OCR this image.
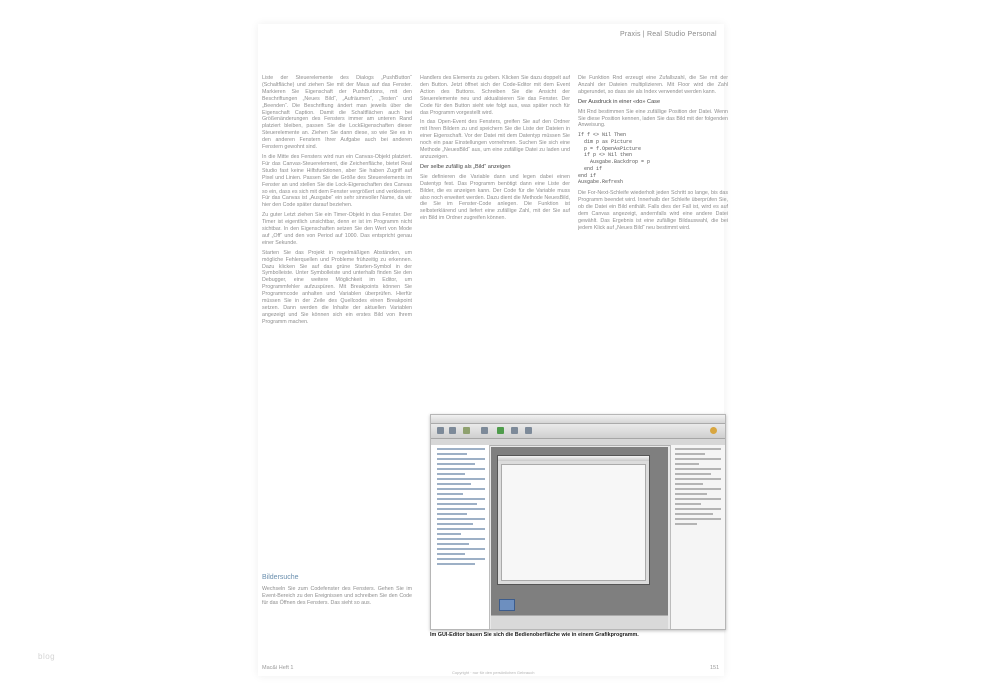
Praxis | Real Studio Personal

Liste der Steuerelemente des Dialogs „PushButton“ (Schaltfläche) und ziehen Sie mit der Maus auf das Fenster. Markieren Sie Eigenschaft der PushButtons, mit den Beschriftungen „Neues Bild“, „Aufräumen“, „Testen“ und „Beenden“. Die Beschriftung ändert man jeweils über die Eigenschaft Caption. Damit die Schaltflächen auch bei Größenänderungen des Fensters immer am unteren Rand platziert bleiben, passen Sie die LockEigenschaften dieser Steuerelemente an. Ziehen Sie dann diese, so wie Sie es in den anderen Fenstern Ihrer Aufgabe auch bei anderen Fenstern gewohnt sind.

In die Mitte des Fensters wird nun ein Canvas-Objekt platziert. Für das Canvas-Steuerelement, die Zeichenfläche, bietet Real Studio fast keine Hilfsfunktionen, aber Sie haben Zugriff auf Pixel und Linien. Passen Sie die Größe des Steuerelements im Fenster an und stellen Sie die Lock-Eigenschaften des Canvas so ein, dass es sich mit dem Fenster vergrößert und verkleinert. Für das Canvas ist „Ausgabe“ ein sehr sinnvoller Name, da wir hier den Code später darauf beziehen.

Zu guter Letzt ziehen Sie ein Timer-Objekt in das Fenster. Der Timer ist eigentlich unsichtbar, denn er ist im Programm nicht sichtbar. In den Eigenschaften setzen Sie den Wert von Mode auf „Off“ und den von Period auf 1000. Das entspricht genau einer Sekunde.

Starten Sie das Projekt in regelmäßigen Abständen, um mögliche Fehlerquellen und Probleme frühzeitig zu erkennen. Dazu klicken Sie auf das grüne Starten-Symbol in der Symbolleiste. Unter Symbolleiste und unterhalb finden Sie den Debugger, eine weitere Möglichkeit im Editor, um Programmfehler aufzuspüren. Mit Breakpoints können Sie Programmcode anhalten und Variablen überprüfen. Hierfür müssen Sie in der Zeile des Quellcodes einen Breakpoint setzen. Dann werden die Inhalte der aktuellen Variablen angezeigt und Sie können sich ein erstes Bild von Ihrem Programm machen.

Bildersuche

Wechseln Sie zum Codefenster des Fensters. Gehen Sie im Event-Bereich zu den Ereignissen und schreiben Sie den Code für das Öffnen des Fensters. Das sieht so aus.

Handlers des Elements zu geben. Klicken Sie dazu doppelt auf den Button. Jetzt öffnet sich der Code-Editor mit dem Event Action des Buttons. Schreiben Sie die Ansicht der Steuerelemente neu und aktualisieren Sie das Fenster. Der Code für den Button sieht wie folgt aus, was später noch für das Programm vorgestellt wird.

In das Open-Event des Fensters, greifen Sie auf den Ordner mit Ihren Bildern zu und speichern Sie die Liste der Dateien in einer Eigenschaft. Vor der Datei mit dem Datentyp müssen Sie noch ein paar Einstellungen vornehmen. Suchen Sie sich eine Methode „NeuesBild“ aus, um eine zufällige Datei zu laden und anzuzeigen.

Der selbe zufällig als „Bild“ anzeigen

Sie definieren die Variable dann und legen dabei einen Datentyp fest. Das Programm benötigt dann eine Liste der Bilder, die es anzeigen kann. Der Code für die Variable muss also noch erweitert werden. Dazu dient die Methode NeuesBild, die Sie im Fenster-Code anlegen. Die Funktion ist selbsterklärend und liefert eine zufällige Zahl, mit der Sie auf ein Bild im Ordner zugreifen können.

Die Funktion Rnd erzeugt eine Zufallszahl, die Sie mit der Anzahl der Dateien multiplizieren. Mit Floor wird die Zahl abgerundet, so dass sie als Index verwendet werden kann.

Der Ausdruck in einer «do» Case

Mit Rnd bestimmen Sie eine zufällige Position der Datei. Wenn Sie diese Position kennen, laden Sie das Bild mit der folgenden Anweisung.

If f <> Nil Then
dim p as Picture
p = f.OpenAsPicture
if p <> Nil then
Ausgabe.Backdrop = p
end if
end if
Ausgabe.Refresh

Die For-Next-Schleife wiederholt jeden Schritt so lange, bis das Programm beendet wird. Innerhalb der Schleife überprüfen Sie, ob die Datei ein Bild enthält. Falls dies der Fall ist, wird es auf dem Canvas angezeigt, andernfalls wird eine andere Datei gewählt. Das Ergebnis ist eine zufällige Bildauswahl, die bei jedem Klick auf „Neues Bild“ neu bestimmt wird.

Im GUI-Editor bauen Sie sich die Bedienoberfläche wie in einem Grafikprogramm.
Mac&i Heft 1
Copyright · nur für den persönlichen Gebrauch
151
blog
